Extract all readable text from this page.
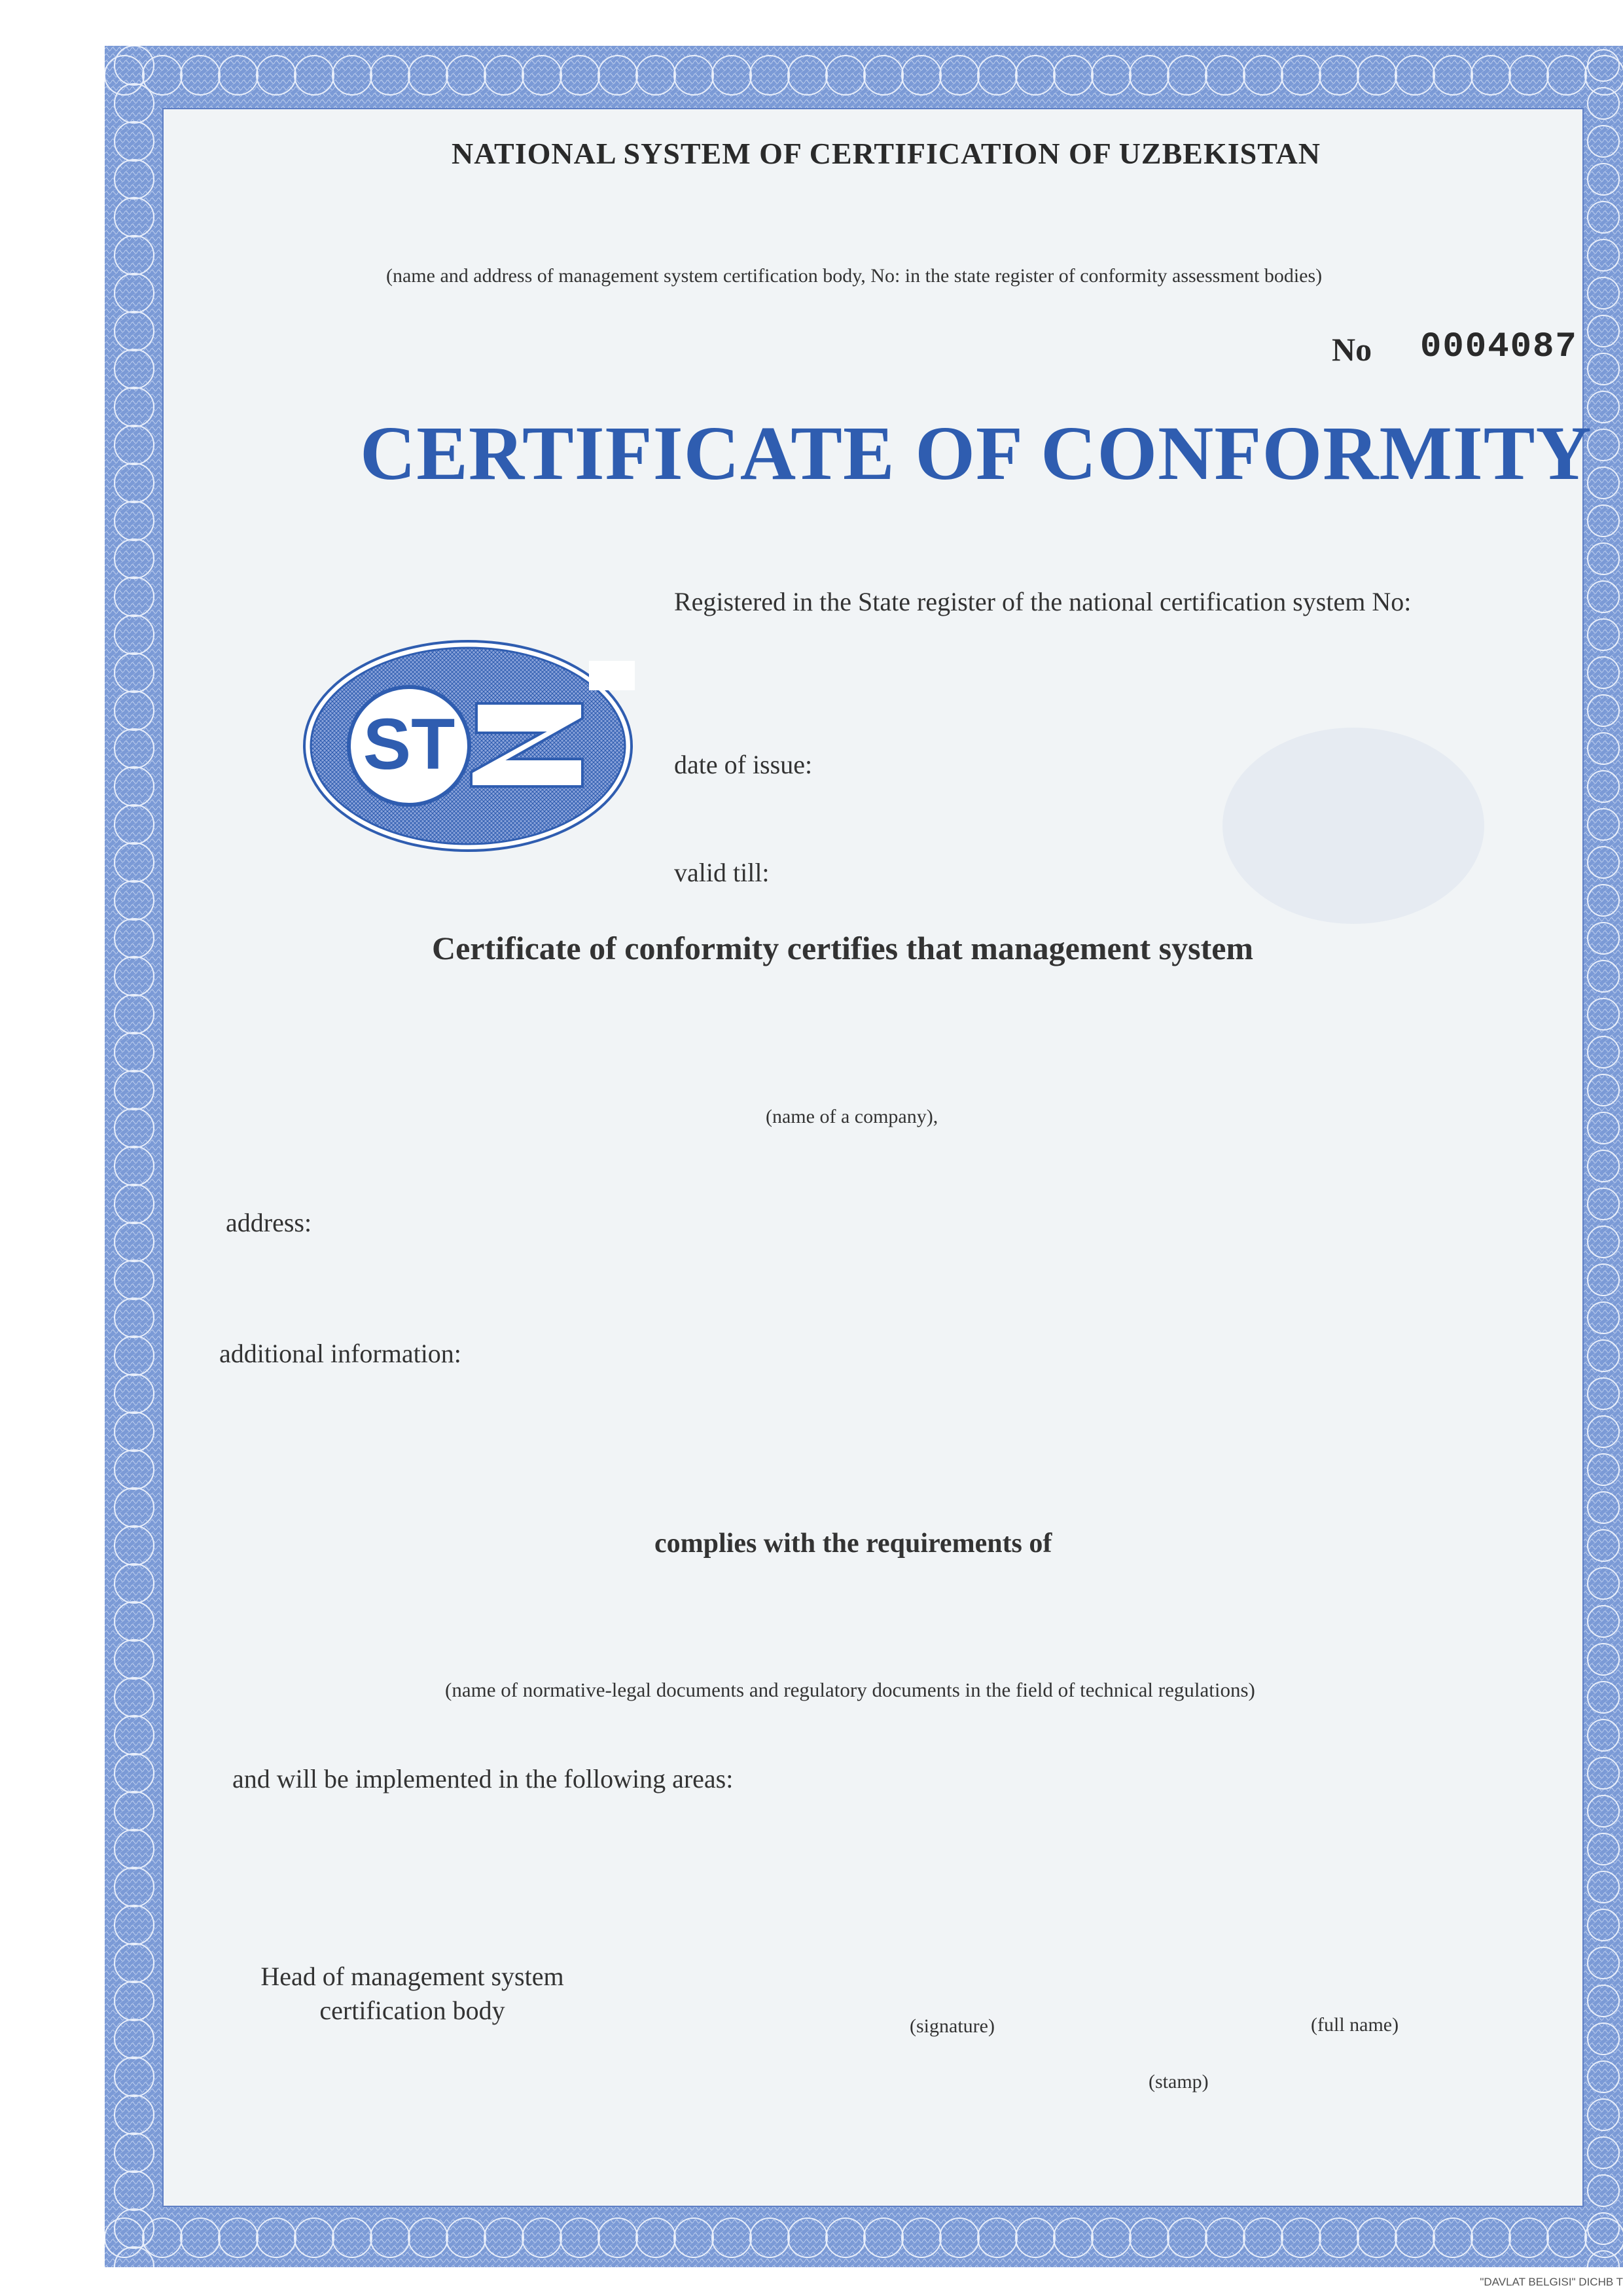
NATIONAL SYSTEM OF CERTIFICATION OF UZBEKISTAN
(name and address of management system certification body, No: in the state register of conformity assessment bodies)
No 0004087
CERTIFICATE OF CONFORMITY
Registered in the State register of the national certification system No:
ST	date of issue:
valid till:
Certificate of conformity certifies that management system
(name of a company),
address:
additional information:
complies with the requirements of
(name of normative-legal documents and regulatory documents in the field of technical regulations)
and will be implemented in the following areas:
Head of management system certification body
(signature)	(full name)
(stamp)
"DAVLAT BELGISI" DICHB T
